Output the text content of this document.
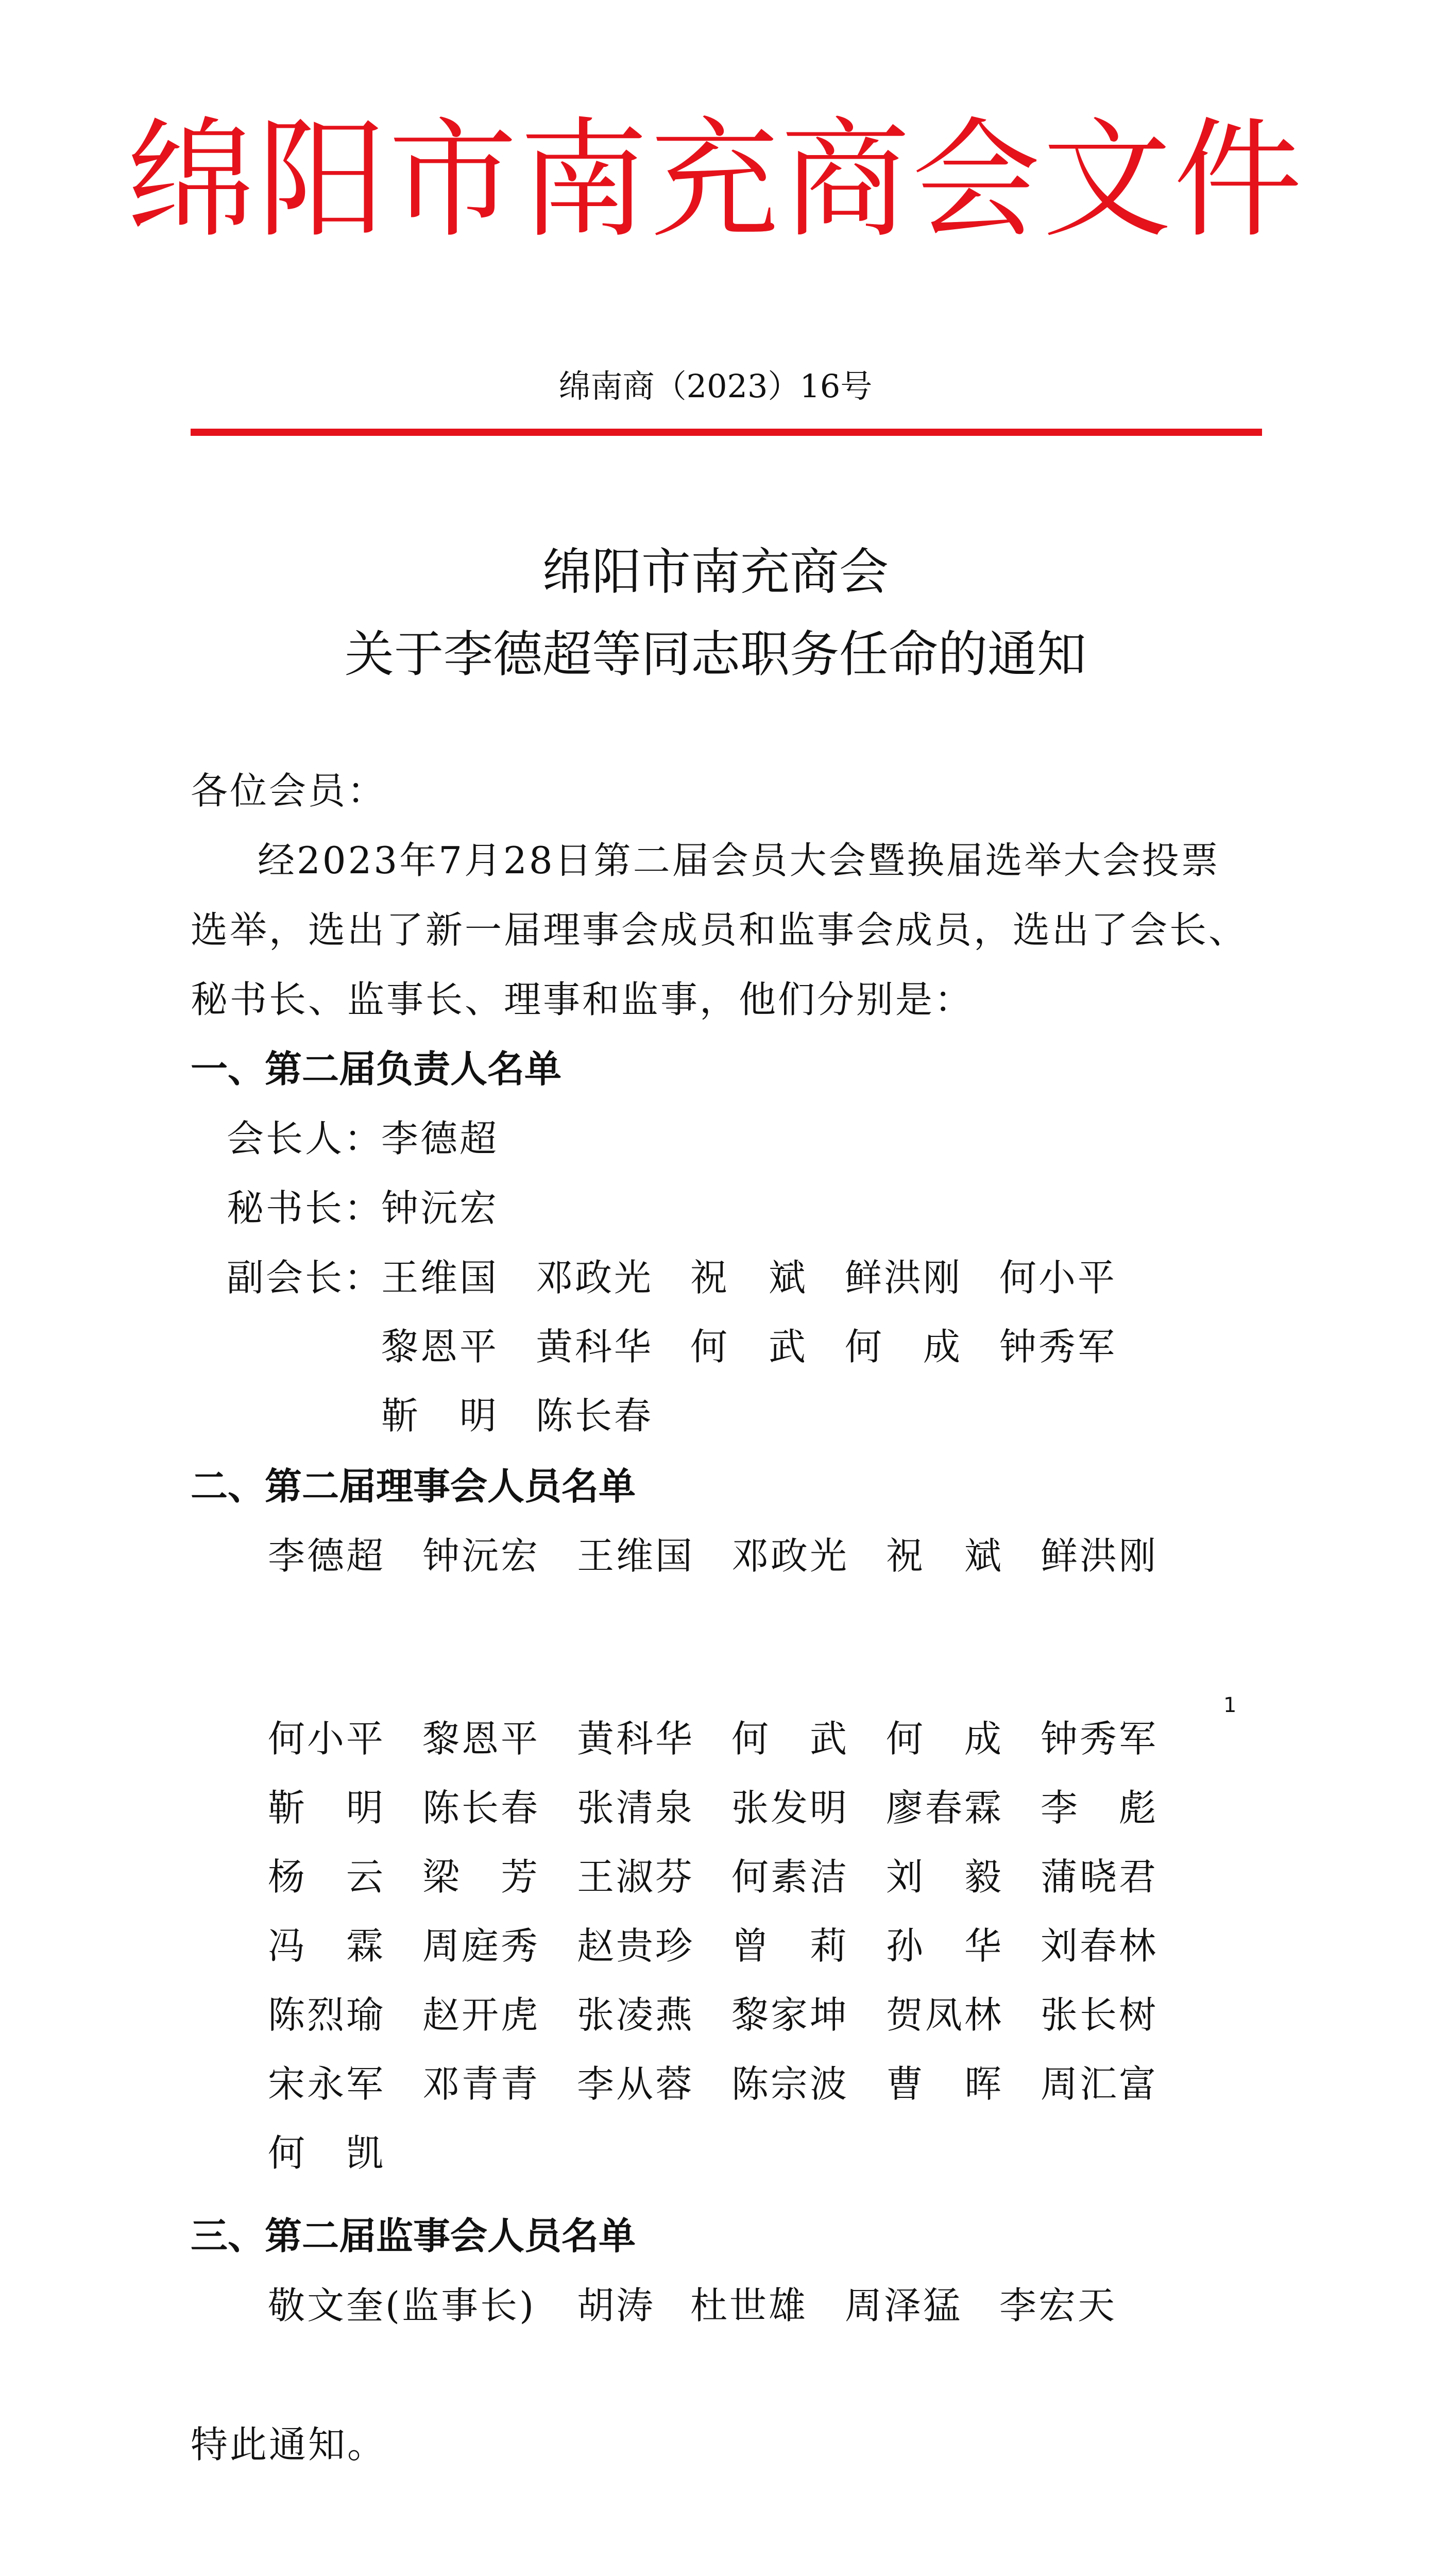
绵阳市南充商会文件
绵南商（2023）16号
绵阳市南充商会
关于李德超等同志职务任命的通知
各位会员：
经2023年7月28日第二届会员大会暨换届选举大会投票
选举，选出了新一届理事会成员和监事会成员，选出了会长、
秘书长、监事长、理事和监事，他们分别是：
一、第二届负责人名单
会长人：
李德超
秘书长：
钟沅宏
副会长：
王维国 邓政光 祝　斌 鲜洪刚 何小平
黎恩平 黄科华 何　武 何　成 钟秀军
靳　明 陈长春
二、第二届理事会人员名单
李德超 钟沅宏 王维国 邓政光 祝　斌 鲜洪刚
1
何小平 黎恩平 黄科华 何　武 何　成 钟秀军
靳　明 陈长春 张清泉 张发明 廖春霖 李　彪
杨　云 梁　芳 王淑芬 何素洁 刘　毅 蒲晓君
冯　霖 周庭秀 赵贵珍 曾　莉 孙　华 刘春林
陈烈瑜 赵开虎 张凌燕 黎家坤 贺凤林 张长树
宋永军 邓青青 李从蓉 陈宗波 曹　晖 周汇富
何　凯
三、第二届监事会人员名单
敬文奎(监事长) 胡涛 杜世雄 周泽猛 李宏天
特此通知。
